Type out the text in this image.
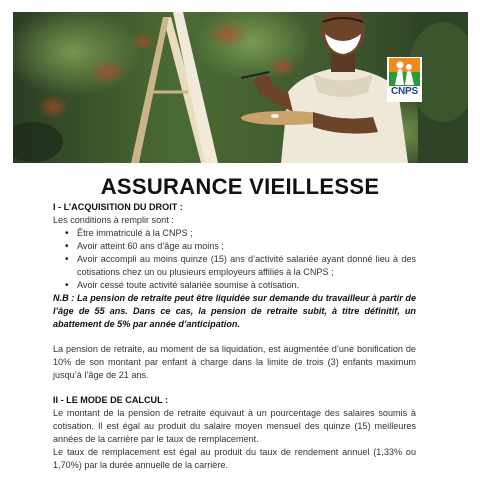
CNPS
ASSURANCE VIEILLESSE
I - L’ACQUISITION DU DROIT :
Les conditions à remplir sont :
• Être immatriculé à la CNPS ;
• Avoir atteint 60 ans d’âge au moins ;
• Avoir accompli au moins quinze (15) ans d’activité salariée ayant donné lieu à des cotisations chez un ou plusieurs employeurs affiliés à la CNPS ;
• Avoir cessé toute activité salariée soumise à cotisation.
N.B : La pension de retraite peut être liquidée sur demande du travailleur à partir de l’âge de 55 ans. Dans ce cas, la pension de retraite subit, à titre définitif, un abattement de 5% par année d’anticipation.
La pension de retraite, au moment de sa liquidation, est augmentée d’une bonification de 10% de son montant par enfant à charge dans la limite de trois (3) enfants maximum jusqu’à l’âge de 21 ans.
II - LE MODE DE CALCUL :
Le montant de la pension de retraite équivaut à un pourcentage des salaires soumis à cotisation. Il est égal au produit du salaire moyen mensuel des quinze (15) meilleures années de la carrière par le taux de remplacement.
Le taux de remplacement est égal au produit du taux de rendement annuel (1,33% ou 1,70%) par la durée annuelle de la carrière.
